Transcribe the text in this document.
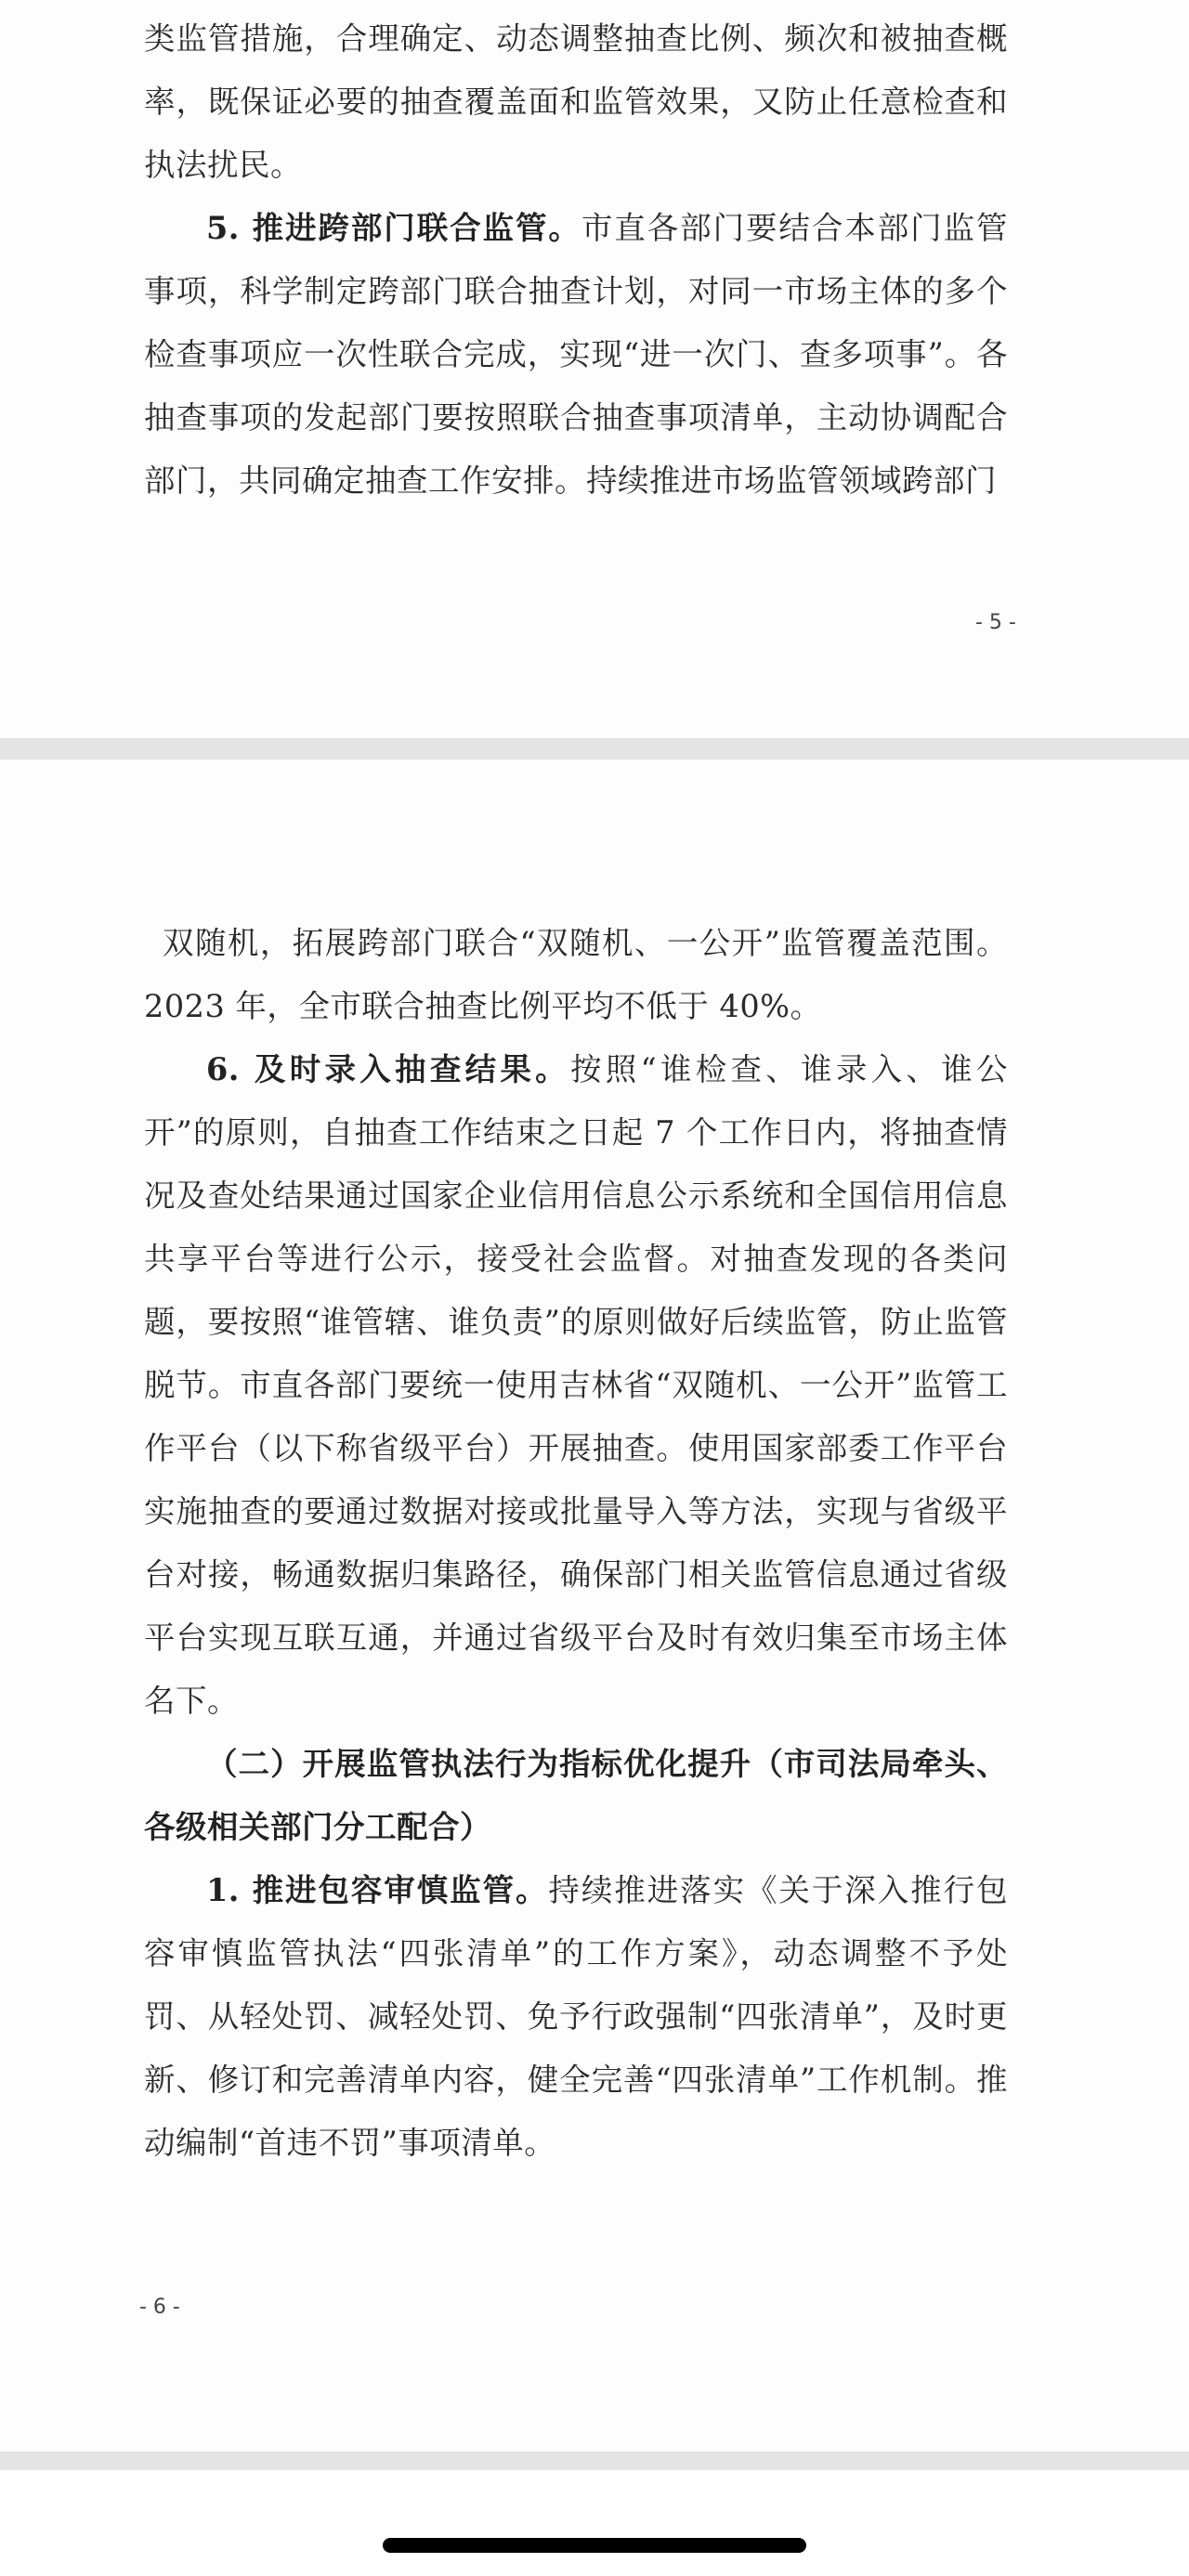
类监管措施，合理确定、动态调整抽查比例、频次和被抽查概率，既保证必要的抽查覆盖面和监管效果，又防止任意检查和执法扰民。

5. 推进跨部门联合监管。市直各部门要结合本部门监管事项，科学制定跨部门联合抽查计划，对同一市场主体的多个检查事项应一次性联合完成，实现“进一次门、查多项事”。各抽查事项的发起部门要按照联合抽查事项清单，主动协调配合部门，共同确定抽查工作安排。持续推进市场监管领域跨部门

- 5 -

双随机，拓展跨部门联合“双随机、一公开”监管覆盖范围。2023 年，全市联合抽查比例平均不低于 40%。

6. 及时录入抽查结果。按照“谁检查、谁录入、谁公开”的原则，自抽查工作结束之日起 7 个工作日内，将抽查情况及查处结果通过国家企业信用信息公示系统和全国信用信息共享平台等进行公示，接受社会监督。对抽查发现的各类问题，要按照“谁管辖、谁负责”的原则做好后续监管，防止监管脱节。市直各部门要统一使用吉林省“双随机、一公开”监管工作平台（以下称省级平台）开展抽查。使用国家部委工作平台实施抽查的要通过数据对接或批量导入等方法，实现与省级平台对接，畅通数据归集路径，确保部门相关监管信息通过省级平台实现互联互通，并通过省级平台及时有效归集至市场主体名下。

（二）开展监管执法行为指标优化提升（市司法局牵头、各级相关部门分工配合）

1. 推进包容审慎监管。持续推进落实《关于深入推行包容审慎监管执法“四张清单”的工作方案》，动态调整不予处罚、从轻处罚、减轻处罚、免予行政强制“四张清单”，及时更新、修订和完善清单内容，健全完善“四张清单”工作机制。推动编制“首违不罚”事项清单。

- 6 -
